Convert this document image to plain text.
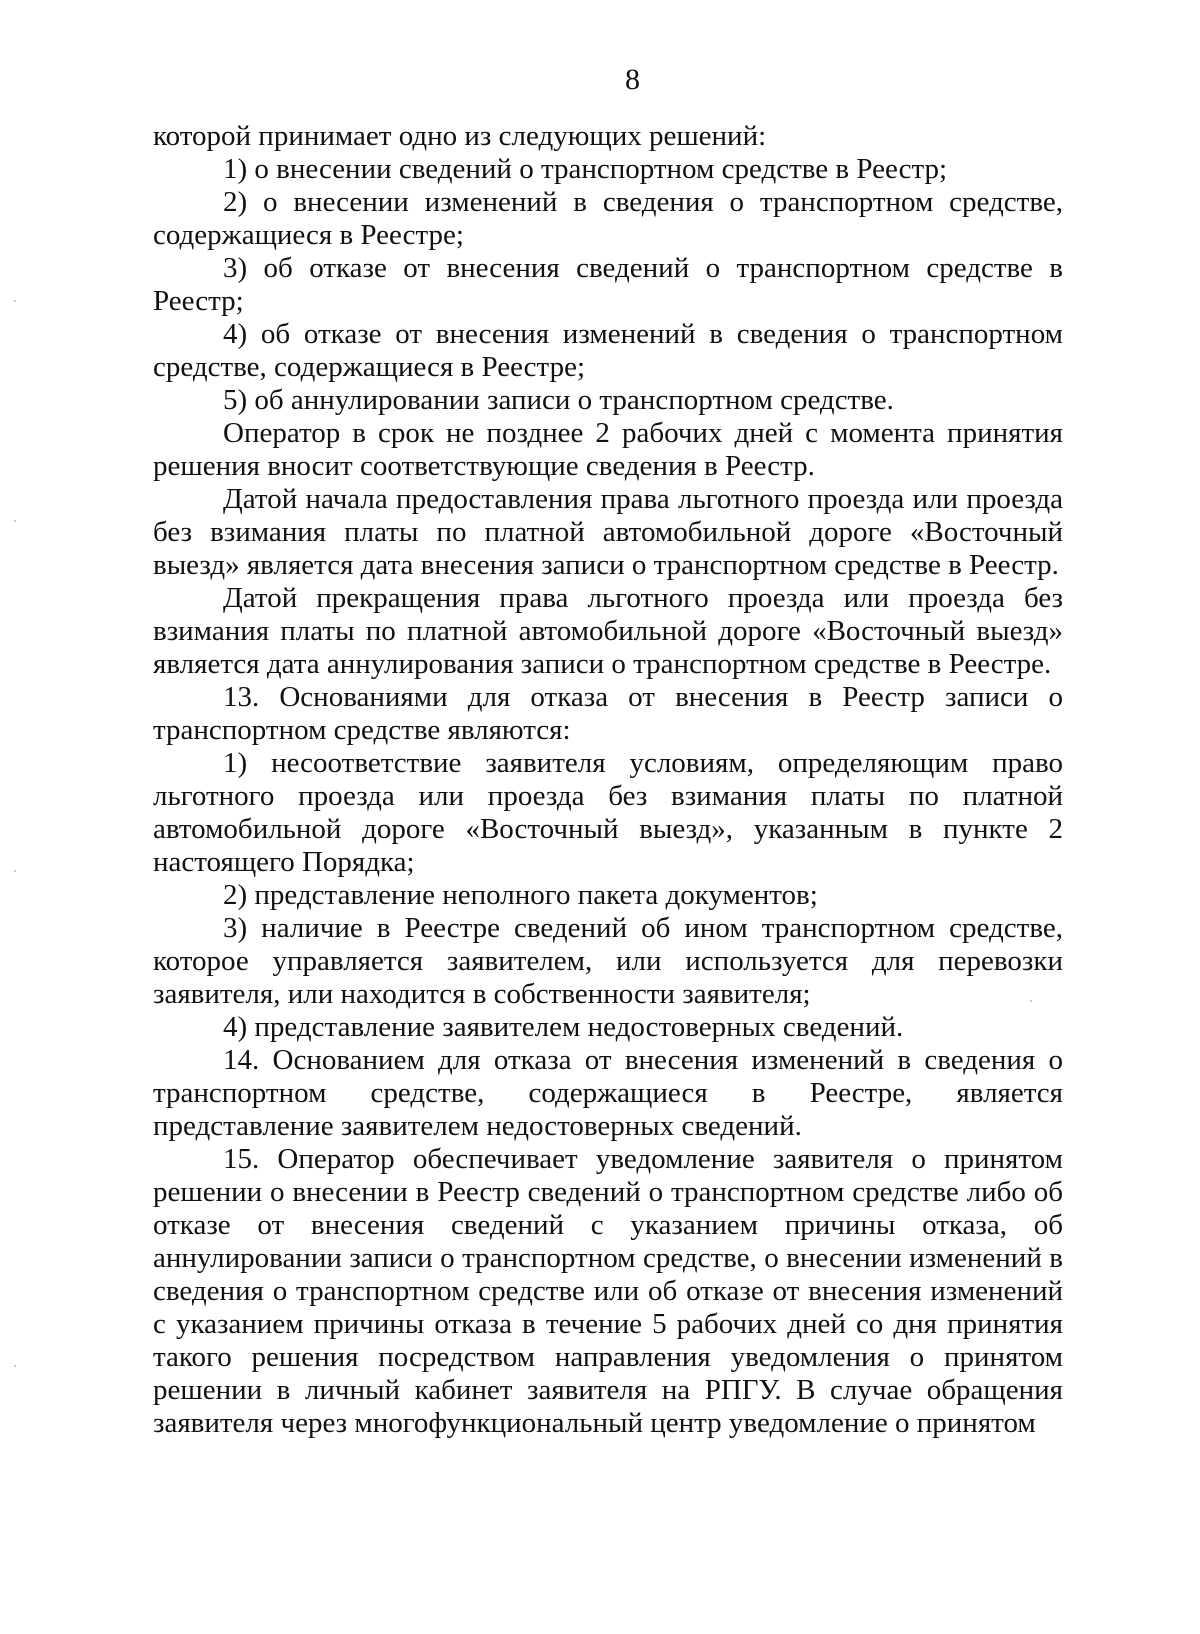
8

которой принимает одно из следующих решений:

1) о внесении сведений о транспортном средстве в Реестр;

2) о внесении изменений в сведения о транспортном средстве, содержащиеся в Реестре;

3) об отказе от внесения сведений о транспортном средстве в Реестр;

4) об отказе от внесения изменений в сведения о транспортном средстве, содержащиеся в Реестре;

5) об аннулировании записи о транспортном средстве.

Оператор в срок не позднее 2 рабочих дней с момента принятия решения вносит соответствующие сведения в Реестр.

Датой начала предоставления права льготного проезда или проезда без взимания платы по платной автомобильной дороге «Восточный выезд» является дата внесения записи о транспортном средстве в Реестр.

Датой прекращения права льготного проезда или проезда без взимания платы по платной автомобильной дороге «Восточный выезд» является дата аннулирования записи о транспортном средстве в Реестре.

13. Основаниями для отказа от внесения в Реестр записи о транспортном средстве являются:

1) несоответствие заявителя условиям, определяющим право льготного проезда или проезда без взимания платы по платной автомобильной дороге «Восточный выезд», указанным в пункте 2 настоящего Порядка;

2) представление неполного пакета документов;

3) наличие в Реестре сведений об ином транспортном средстве, которое управляется заявителем, или используется для перевозки заявителя, или находится в собственности заявителя;

4) представление заявителем недостоверных сведений.

14. Основанием для отказа от внесения изменений в сведения о транспортном средстве, содержащиеся в Реестре, является представление заявителем недостоверных сведений.

15. Оператор обеспечивает уведомление заявителя о принятом решении о внесении в Реестр сведений о транспортном средстве либо об отказе от внесения сведений с указанием причины отказа, об аннулировании записи о транспортном средстве, о внесении изменений в сведения о транспортном средстве или об отказе от внесения изменений с указанием причины отказа в течение 5 рабочих дней со дня принятия такого решения посредством направления уведомления о принятом решении в личный кабинет заявителя на РПГУ. В случае обращения заявителя через многофункциональный центр уведомление о принятом
